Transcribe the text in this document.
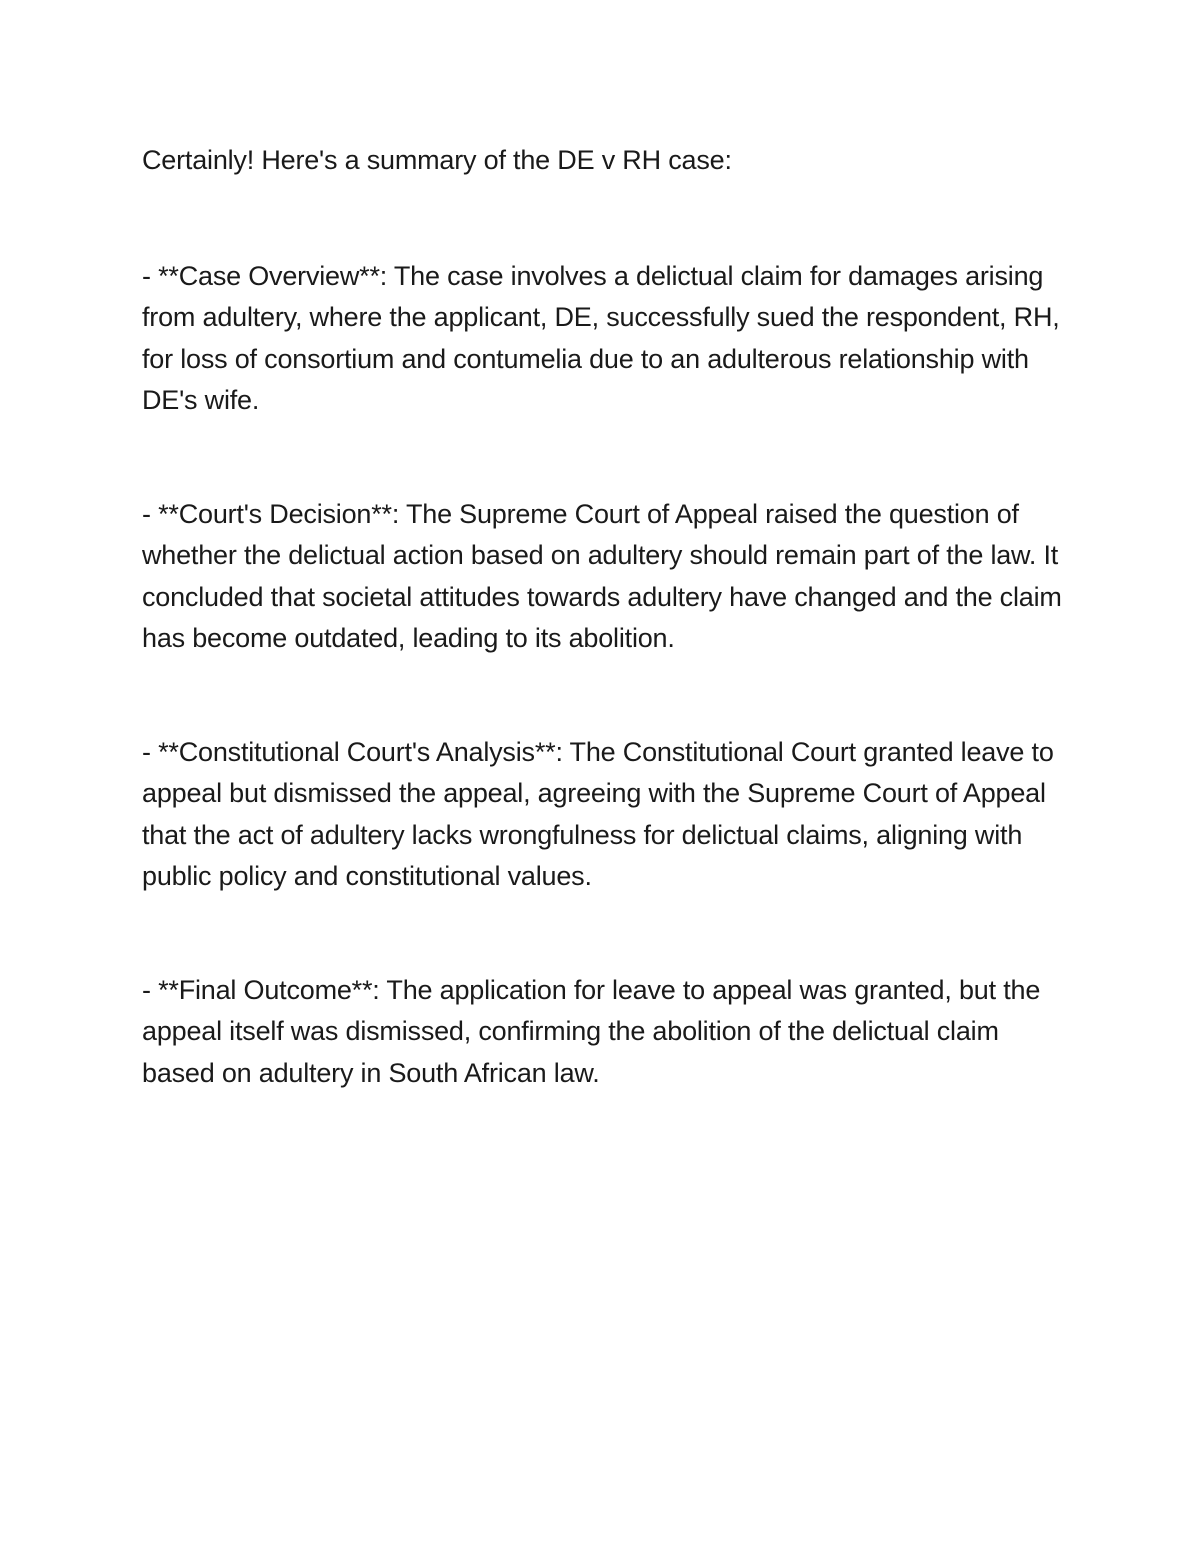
Certainly! Here's a summary of the DE v RH case:

- **Case Overview**: The case involves a delictual claim for damages arising from adultery, where the applicant, DE, successfully sued the respondent, RH, for loss of consortium and contumelia due to an adulterous relationship with DE's wife.

- **Court's Decision**: The Supreme Court of Appeal raised the question of whether the delictual action based on adultery should remain part of the law. It concluded that societal attitudes towards adultery have changed and the claim has become outdated, leading to its abolition.

- **Constitutional Court's Analysis**: The Constitutional Court granted leave to appeal but dismissed the appeal, agreeing with the Supreme Court of Appeal that the act of adultery lacks wrongfulness for delictual claims, aligning with public policy and constitutional values.

- **Final Outcome**: The application for leave to appeal was granted, but the appeal itself was dismissed, confirming the abolition of the delictual claim based on adultery in South African law.
